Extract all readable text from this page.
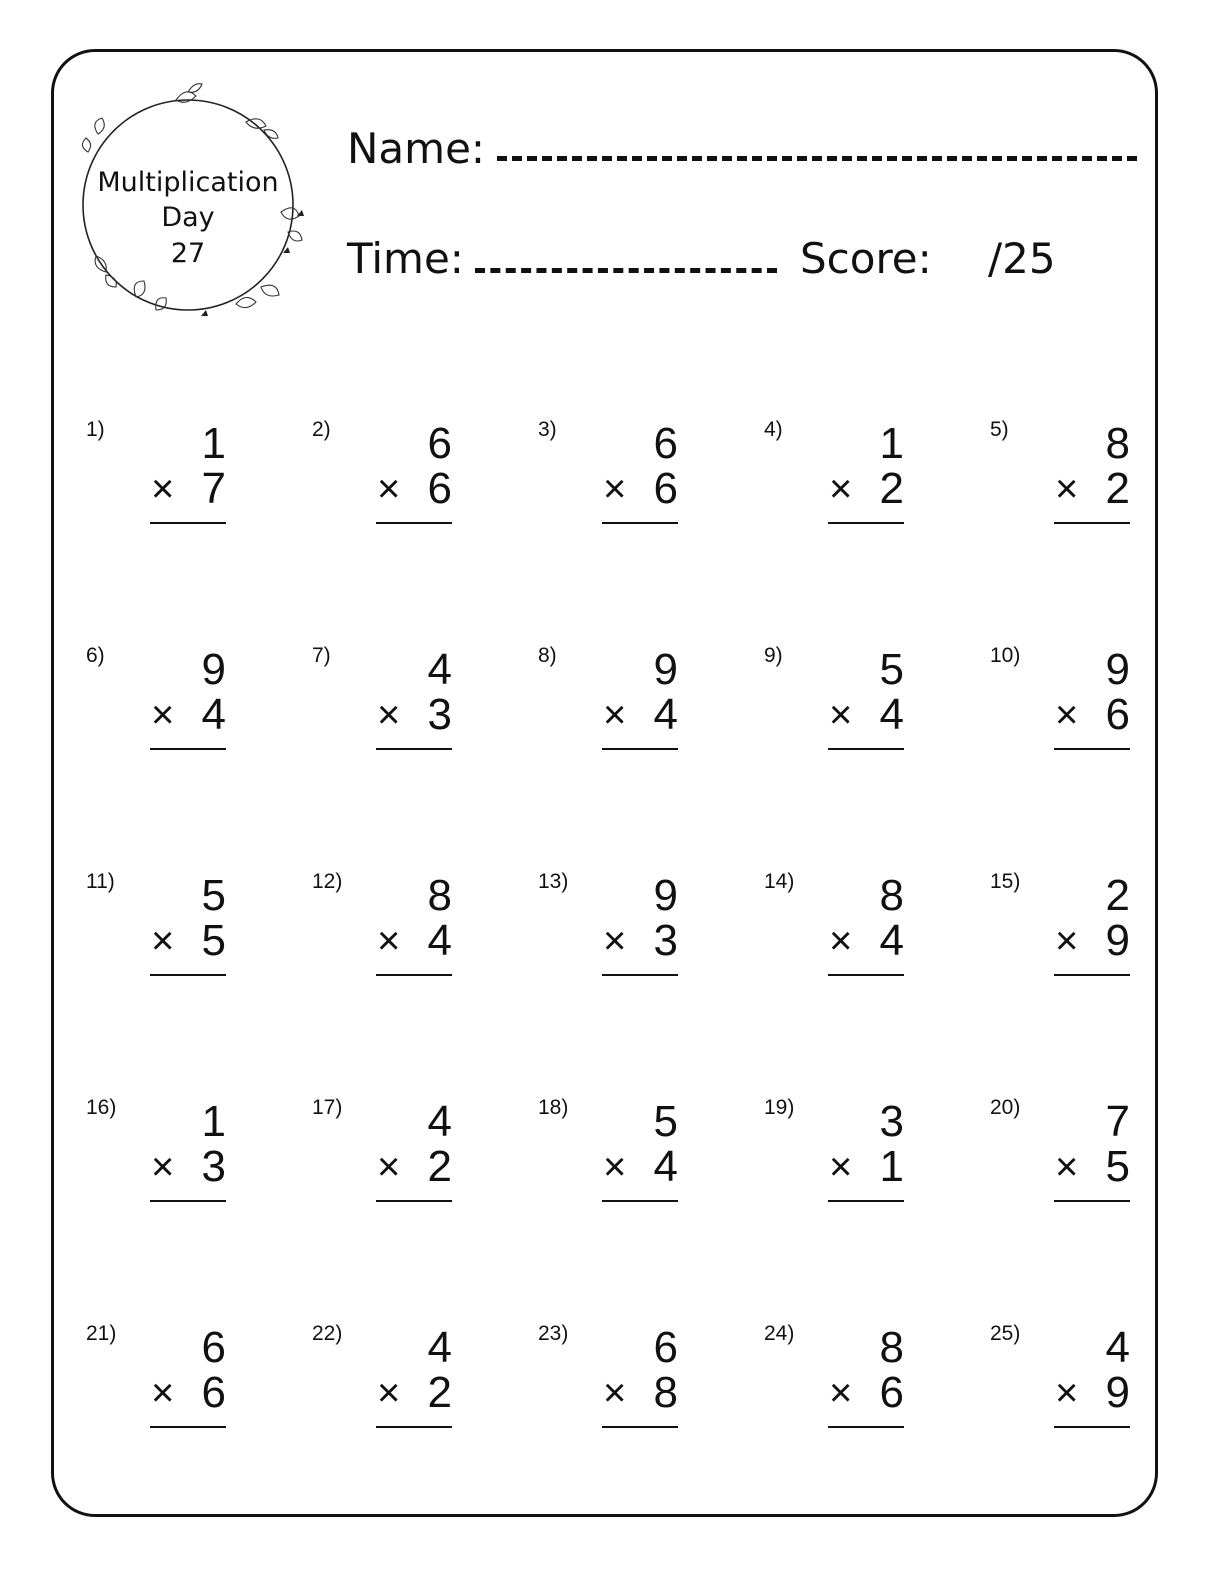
Multiplication
Day
27
Name:
Time:	Score: /25
1)	1
× 7
2)	6
× 6
3)	6
× 6
4)	1
× 2
5)	8
× 2
6)	9
× 4
7)	4
× 3
8)	9
× 4
9)	5
× 4
10)	9
× 6
11)	5
× 5
12)	8
× 4
13)	9
× 3
14)	8
× 4
15)	2
× 9
16)	1
× 3
17)	4
× 2
18)	5
× 4
19)	3
× 1
20)	7
× 5
21)	6
× 6
22)	4
× 2
23)	6
× 8
24)	8
× 6
25)	4
× 9
